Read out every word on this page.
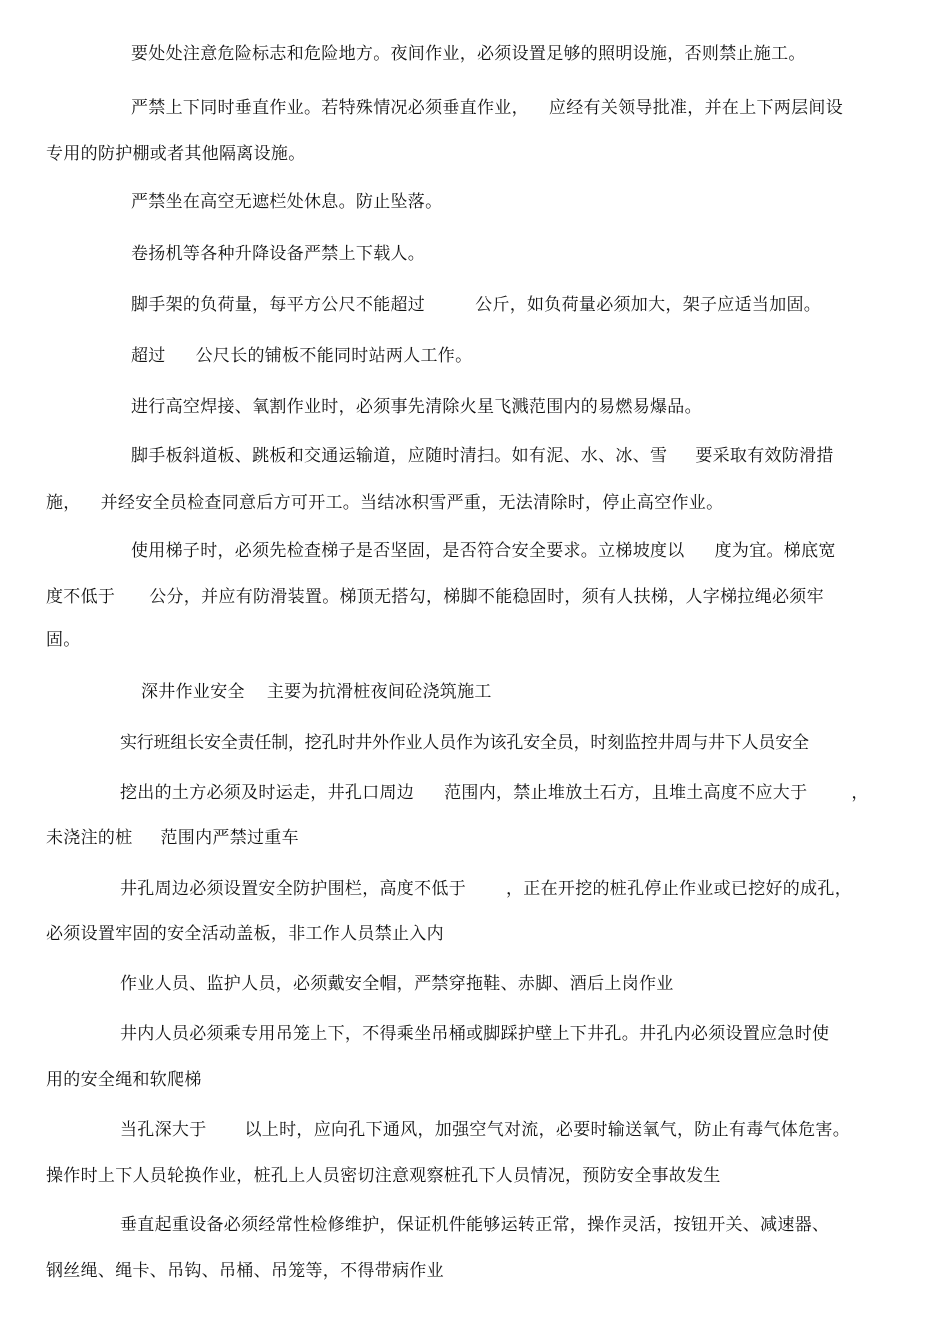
要处处注意危险标志和危险地方。夜间作业，必须设置足够的照明设施，否则禁止施工。
严禁上下同时垂直作业。若特殊情况必须垂直作业， 应经有关领导批准，并在上下两层间设
专用的防护棚或者其他隔离设施。
严禁坐在高空无遮栏处休息。防止坠落。
卷扬机等各种升降设备严禁上下载人。
脚手架的负荷量，每平方公尺不能超过	公斤，如负荷量必须加大，架子应适当加固。
超过 公尺长的铺板不能同时站两人工作。
进行高空焊接、氧割作业时，必须事先清除火星飞溅范围内的易燃易爆品。
脚手板斜道板、跳板和交通运输道，应随时清扫。如有泥、水、冰、雪 要采取有效防滑措
施， 并经安全员检查同意后方可开工。当结冰积雪严重，无法清除时，停止高空作业。
使用梯子时，必须先检查梯子是否坚固，是否符合安全要求。立梯坡度以 度为宜。梯底宽
度不低于 公分，并应有防滑装置。梯顶无搭勾，梯脚不能稳固时，须有人扶梯，人字梯拉绳必须牢
固。
深井作业安全 主要为抗滑桩夜间砼浇筑施工
实行班组长安全责任制，挖孔时井外作业人员作为该孔安全员，时刻监控井周与井下人员安全
挖出的土方必须及时运走，井孔口周边 范围内，禁止堆放土石方，且堆土高度不应大于	，
未浇注的桩 范围内严禁过重车
井孔周边必须设置安全防护围栏，高度不低于 ，正在开挖的桩孔停止作业或已挖好的成孔，
必须设置牢固的安全活动盖板，非工作人员禁止入内
作业人员、监护人员，必须戴安全帽，严禁穿拖鞋、赤脚、酒后上岗作业
井内人员必须乘专用吊笼上下，不得乘坐吊桶或脚踩护壁上下井孔。井孔内必须设置应急时使
用的安全绳和软爬梯
当孔深大于 以上时，应向孔下通风，加强空气对流，必要时输送氧气，防止有毒气体危害。
操作时上下人员轮换作业，桩孔上人员密切注意观察桩孔下人员情况，预防安全事故发生
垂直起重设备必须经常性检修维护，保证机件能够运转正常，操作灵活，按钮开关、减速器、
钢丝绳、绳卡、吊钩、吊桶、吊笼等，不得带病作业
